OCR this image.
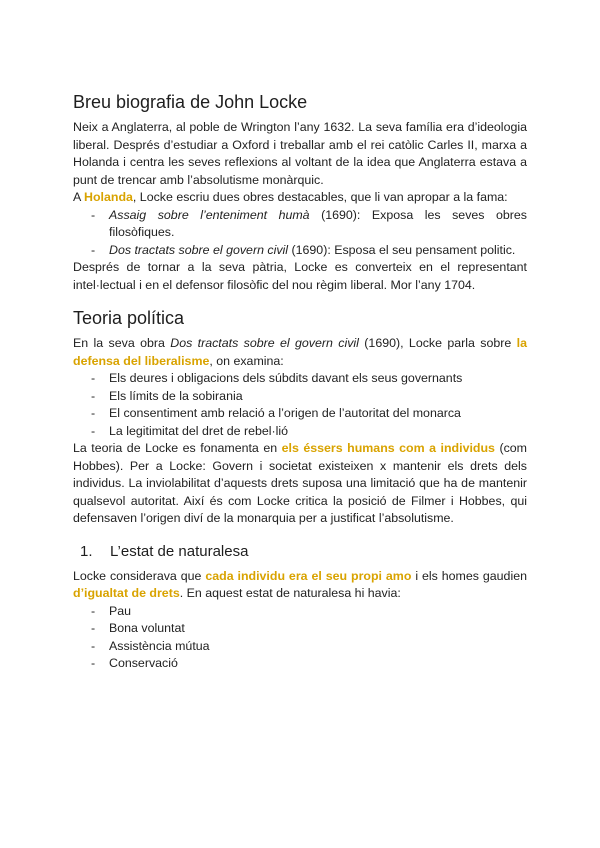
Breu biografia de John Locke

Neix a Anglaterra, al poble de Wrington l’any 1632. La seva família era d’ideologia liberal. Després d’estudiar a Oxford i treballar amb el rei catòlic Carles II, marxa a Holanda i centra les seves reflexions al voltant de la idea que Anglaterra estava a punt de trencar amb l’absolutisme monàrquic.

A Holanda, Locke escriu dues obres destacables, que li van apropar a la fama:

- Assaig sobre l’enteniment humà (1690): Exposa les seves obres filosòfiques.
- Dos tractats sobre el govern civil (1690): Esposa el seu pensament politic.

Després de tornar a la seva pàtria, Locke es converteix en el representant intel·lectual i en el defensor filosòfic del nou règim liberal. Mor l’any 1704.

Teoria política

En la seva obra Dos tractats sobre el govern civil (1690), Locke parla sobre la defensa del liberalisme, on examina:

- Els deures i obligacions dels súbdits davant els seus governants
- Els límits de la sobirania
- El consentiment amb relació a l’origen de l’autoritat del monarca
- La legitimitat del dret de rebel·lió

La teoria de Locke es fonamenta en els éssers humans com a individus (com Hobbes). Per a Locke: Govern i societat existeixen x mantenir els drets dels individus. La inviolabilitat d’aquests drets suposa una limitació que ha de mantenir qualsevol autoritat. Així és com Locke critica la posició de Filmer i Hobbes, qui defensaven l’origen diví de la monarquia per a justificat l’absolutisme.

1. L’estat de naturalesa

Locke considerava que cada individu era el seu propi amo i els homes gaudien d’igualtat de drets. En aquest estat de naturalesa hi havia:

- Pau
- Bona voluntat
- Assistència mútua
- Conservació
